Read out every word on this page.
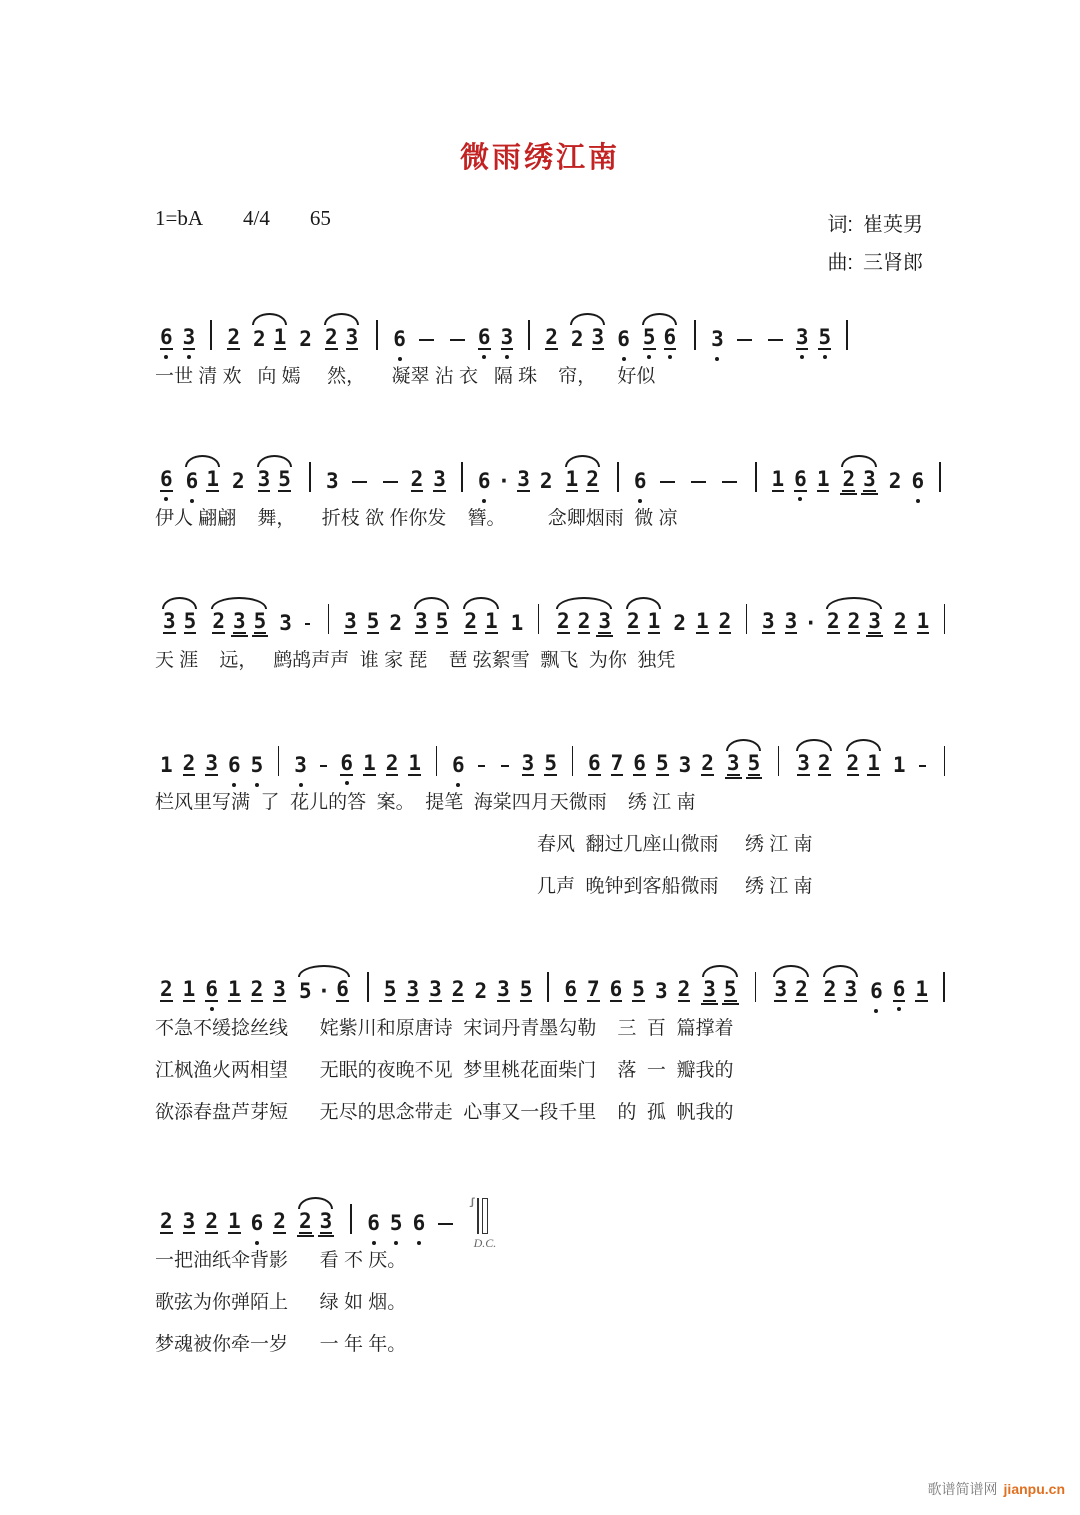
微雨绣江南
1=bA 4/4 65	词: 崔英男
曲: 三肾郎
6 3 2 2 1 2 2 3 6	6 3 2 2 3 6 5 6 3	3 5
一世 清 欢   向 嫣     然，     凝翠 沾 衣   隔 珠    帘，    好似
6 6 1 2 3 5 3	2 3 6 · 3 2 1 2 6	1 6 1 2 3 2 6
伊人 翩翩    舞，     折枝 欲 作你发    簪。        念卿烟雨  微 凉
3 5 2 3 5 3 3 5 2 3 5 2 1 1 2 2 3 2 1 2 1 2 3 3 · 2 2 3 2 1
天 涯    远，   鹧鸪声声  谁 家 琵    琶 弦絮雪  飘飞  为你  独凭
1 2 3 6 5 3 6 1 2 1 6	3 5 6 7 6 5 3 2 3 5 3 2 2 1 1
栏风里写满  了  花儿的答  案。  提笔  海棠四月天微雨    绣 江 南
春风  翻过几座山微雨     绣 江 南
几声  晚钟到客船微雨     绣 江 南
2 1 6 1 2 3 5 · 6 5 3 3 2 2 3 5 6 7 6 5 3 2 3 5 3 2 2 3 6 6 1
不急不缓捻丝线      姹紫川和原唐诗  宋词丹青墨勾勒    三  百  篇撑着
江枫渔火两相望      无眠的夜晚不见  梦里桃花面柴门    落  一  瓣我的
欲添春盘芦芽短      无尽的思念带走  心事又一段千里    的  孤  帆我的
2 3 2 1 6 2 2 3 6 5 6
ʃ
D.C.
一把油纸伞背影      看 不 厌。
歌弦为你弹陌上      绿 如 烟。
梦魂被你牵一岁      一 年 年。
歌谱简谱网 jianpu.cn
